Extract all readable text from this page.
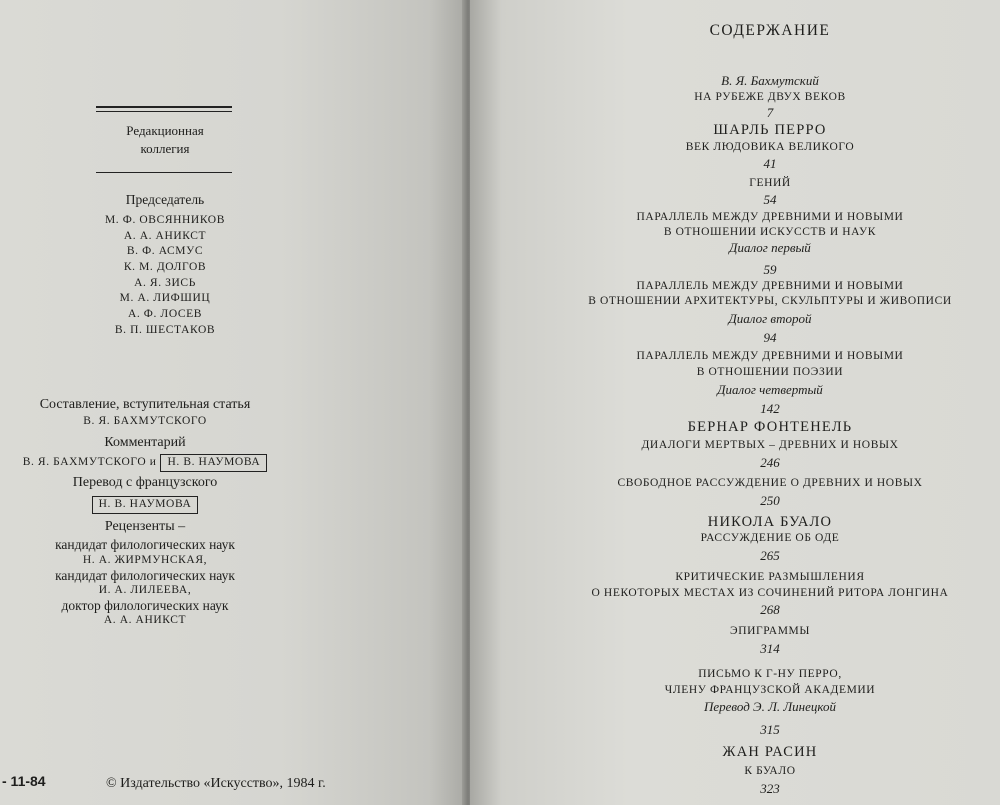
Редакционная
коллегия
Председатель
М. Ф. ОВСЯННИКОВ
А. А. АНИКСТ
В. Ф. АСМУС
К. М. ДОЛГОВ
А. Я. ЗИСЬ
М. А. ЛИФШИЦ
А. Ф. ЛОСЕВ
В. П. ШЕСТАКОВ
Составление, вступительная статья
В. Я. БАХМУТСКОГО
Комментарий
В. Я. БАХМУТСКОГО и Н. В. НАУМОВА
Перевод с французского
Н. В. НАУМОВА
Рецензенты –
кандидат филологических наук
Н. А. ЖИРМУНСКАЯ,
кандидат филологических наук
И. А. ЛИЛЕЕВА,
доктор филологических наук
А. А. АНИКСТ
- 11-84	© Издательство «Искусство», 1984 г.
СОДЕРЖАНИЕ
В. Я. Бахмутский
НА РУБЕЖЕ ДВУХ ВЕКОВ
7
ШАРЛЬ ПЕРРО
ВЕК ЛЮДОВИКА ВЕЛИКОГО
41
ГЕНИЙ
54
ПАРАЛЛЕЛЬ МЕЖДУ ДРЕВНИМИ И НОВЫМИ
В ОТНОШЕНИИ ИСКУССТВ И НАУК
Диалог первый
59
ПАРАЛЛЕЛЬ МЕЖДУ ДРЕВНИМИ И НОВЫМИ
В ОТНОШЕНИИ АРХИТЕКТУРЫ, СКУЛЬПТУРЫ И ЖИВОПИСИ
Диалог второй
94
ПАРАЛЛЕЛЬ МЕЖДУ ДРЕВНИМИ И НОВЫМИ
В ОТНОШЕНИИ ПОЭЗИИ
Диалог четвертый
142
БЕРНАР ФОНТЕНЕЛЬ
ДИАЛОГИ МЕРТВЫХ – ДРЕВНИХ И НОВЫХ
246
СВОБОДНОЕ РАССУЖДЕНИЕ О ДРЕВНИХ И НОВЫХ
250
НИКОЛА БУАЛО
РАССУЖДЕНИЕ ОБ ОДЕ
265
КРИТИЧЕСКИЕ РАЗМЫШЛЕНИЯ
О НЕКОТОРЫХ МЕСТАХ ИЗ СОЧИНЕНИЙ РИТОРА ЛОНГИНА
268
ЭПИГРАММЫ
314
ПИСЬМО К Г-НУ ПЕРРО,
ЧЛЕНУ ФРАНЦУЗСКОЙ АКАДЕМИИ
Перевод Э. Л. Линецкой
315
ЖАН РАСИН
К БУАЛО
323
